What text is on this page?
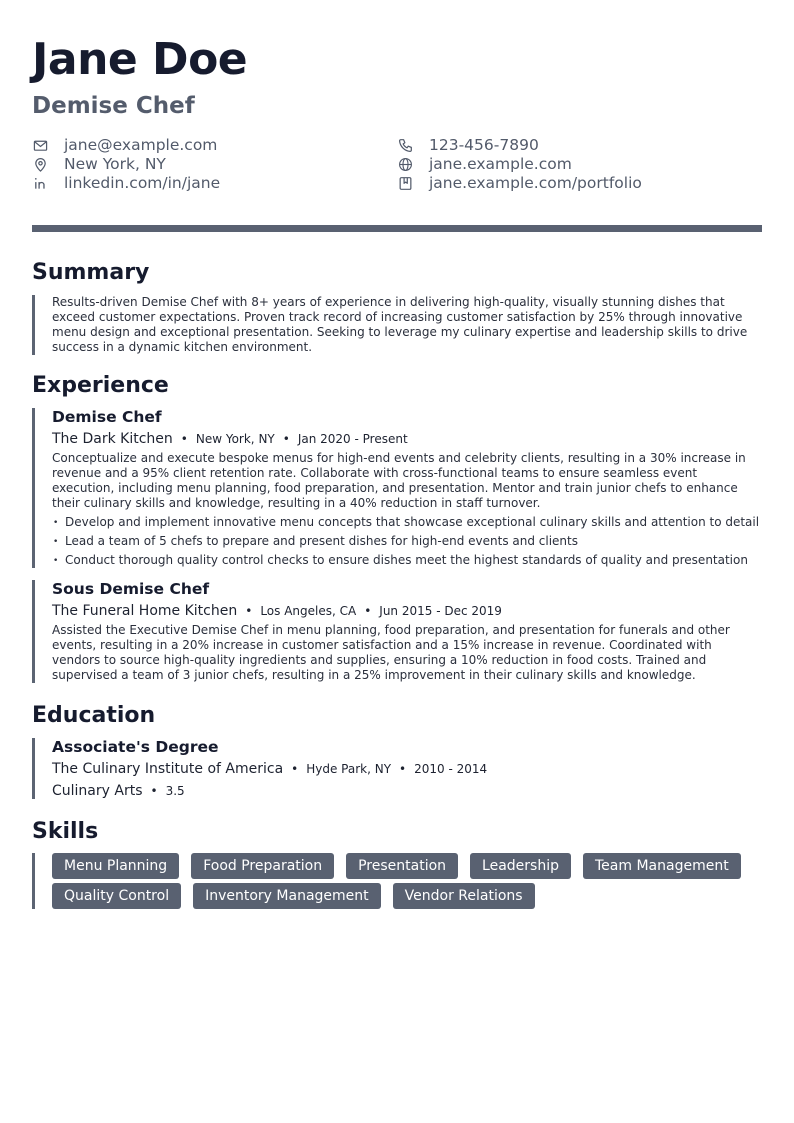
Jane Doe
Demise Chef
jane@example.com	123-456-7890
New York, NY	jane.example.com
linkedin.com/in/jane	jane.example.com/portfolio
Summary
Results-driven Demise Chef with 8+ years of experience in delivering high-quality, visually stunning dishes that exceed customer expectations. Proven track record of increasing customer satisfaction by 25% through innovative menu design and exceptional presentation. Seeking to leverage my culinary expertise and leadership skills to drive success in a dynamic kitchen environment.
Experience
Demise Chef
The Dark Kitchen • New York, NY • Jan 2020 - Present
Conceptualize and execute bespoke menus for high-end events and celebrity clients, resulting in a 30% increase in revenue and a 95% client retention rate. Collaborate with cross-functional teams to ensure seamless event execution, including menu planning, food preparation, and presentation. Mentor and train junior chefs to enhance their culinary skills and knowledge, resulting in a 40% reduction in staff turnover.
• Develop and implement innovative menu concepts that showcase exceptional culinary skills and attention to detail
• Lead a team of 5 chefs to prepare and present dishes for high-end events and clients
• Conduct thorough quality control checks to ensure dishes meet the highest standards of quality and presentation
Sous Demise Chef
The Funeral Home Kitchen • Los Angeles, CA • Jun 2015 - Dec 2019
Assisted the Executive Demise Chef in menu planning, food preparation, and presentation for funerals and other events, resulting in a 20% increase in customer satisfaction and a 15% increase in revenue. Coordinated with vendors to source high-quality ingredients and supplies, ensuring a 10% reduction in food costs. Trained and supervised a team of 3 junior chefs, resulting in a 25% improvement in their culinary skills and knowledge.
Education
Associate's Degree
The Culinary Institute of America • Hyde Park, NY • 2010 - 2014
Culinary Arts • 3.5
Skills
Menu Planning	Food Preparation	Presentation	Leadership	Team Management
Quality Control	Inventory Management	Vendor Relations
